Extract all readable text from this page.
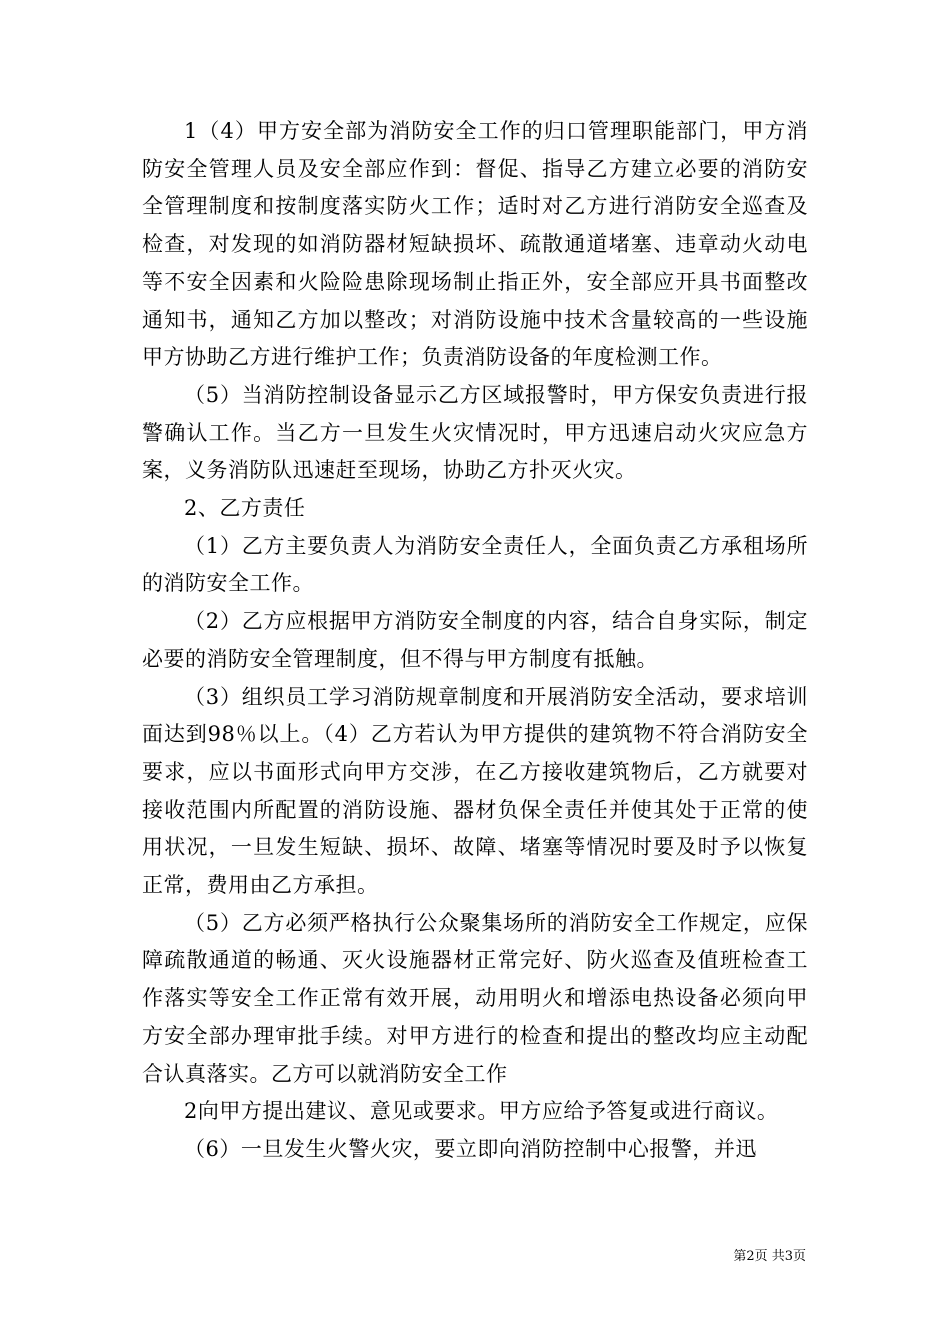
1（4）甲方安全部为消防安全工作的归口管理职能部门，甲方消防安全管理人员及安全部应作到：督促、指导乙方建立必要的消防安全管理制度和按制度落实防火工作；适时对乙方进行消防安全巡查及检查，对发现的如消防器材短缺损坏、疏散通道堵塞、违章动火动电等不安全因素和火险险患除现场制止指正外，安全部应开具书面整改通知书，通知乙方加以整改；对消防设施中技术含量较高的一些设施甲方协助乙方进行维护工作；负责消防设备的年度检测工作。

（5）当消防控制设备显示乙方区域报警时，甲方保安负责进行报警确认工作。当乙方一旦发生火灾情况时，甲方迅速启动火灾应急方案，义务消防队迅速赶至现场，协助乙方扑灭火灾。

2、乙方责任

（1）乙方主要负责人为消防安全责任人，全面负责乙方承租场所的消防安全工作。

（2）乙方应根据甲方消防安全制度的内容，结合自身实际，制定必要的消防安全管理制度，但不得与甲方制度有抵触。

（3）组织员工学习消防规章制度和开展消防安全活动，要求培训面达到98％以上。（4）乙方若认为甲方提供的建筑物不符合消防安全要求，应以书面形式向甲方交涉，在乙方接收建筑物后，乙方就要对接收范围内所配置的消防设施、器材负保全责任并使其处于正常的使用状况，一旦发生短缺、损坏、故障、堵塞等情况时要及时予以恢复正常，费用由乙方承担。

（5）乙方必须严格执行公众聚集场所的消防安全工作规定，应保障疏散通道的畅通、灭火设施器材正常完好、防火巡查及值班检查工作落实等安全工作正常有效开展，动用明火和增添电热设备必须向甲方安全部办理审批手续。对甲方进行的检查和提出的整改均应主动配合认真落实。乙方可以就消防安全工作

2向甲方提出建议、意见或要求。甲方应给予答复或进行商议。

（6）一旦发生火警火灾，要立即向消防控制中心报警，并迅

第2页 共3页
